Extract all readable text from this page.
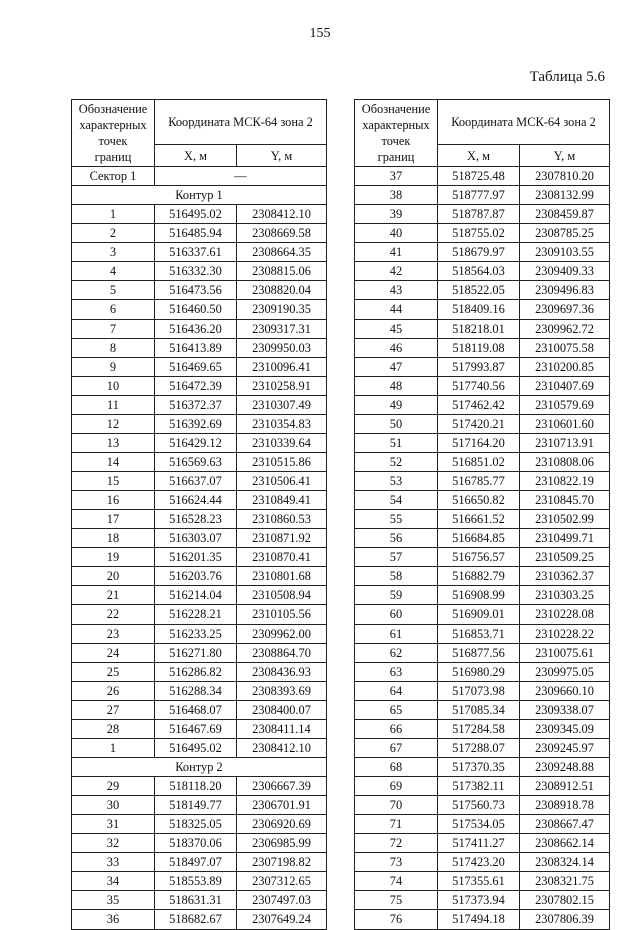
155
Таблица 5.6
Обозначение
характерных
точек
границ	Координата МСК-64 зона 2	
	X, м	Y, м
Сектор 1	—	
Контур 1		
1	516495.02	2308412.10
2	516485.94	2308669.58
3	516337.61	2308664.35
4	516332.30	2308815.06
5	516473.56	2308820.04
6	516460.50	2309190.35
7	516436.20	2309317.31
8	516413.89	2309950.03
9	516469.65	2310096.41
10	516472.39	2310258.91
11	516372.37	2310307.49
12	516392.69	2310354.83
13	516429.12	2310339.64
14	516569.63	2310515.86
15	516637.07	2310506.41
16	516624.44	2310849.41
17	516528.23	2310860.53
18	516303.07	2310871.92
19	516201.35	2310870.41
20	516203.76	2310801.68
21	516214.04	2310508.94
22	516228.21	2310105.56
23	516233.25	2309962.00
24	516271.80	2308864.70
25	516286.82	2308436.93
26	516288.34	2308393.69
27	516468.07	2308400.07
28	516467.69	2308411.14
1	516495.02	2308412.10
Контур 2		
29	518118.20	2306667.39
30	518149.77	2306701.91
31	518325.05	2306920.69
32	518370.06	2306985.99
33	518497.07	2307198.82
34	518553.89	2307312.65
35	518631.31	2307497.03
36	518682.67	2307649.24
Обозначение
характерных
точек
границ	Координата МСК-64 зона 2	
	X, м	Y, м
37	518725.48	2307810.20
38	518777.97	2308132.99
39	518787.87	2308459.87
40	518755.02	2308785.25
41	518679.97	2309103.55
42	518564.03	2309409.33
43	518522.05	2309496.83
44	518409.16	2309697.36
45	518218.01	2309962.72
46	518119.08	2310075.58
47	517993.87	2310200.85
48	517740.56	2310407.69
49	517462.42	2310579.69
50	517420.21	2310601.60
51	517164.20	2310713.91
52	516851.02	2310808.06
53	516785.77	2310822.19
54	516650.82	2310845.70
55	516661.52	2310502.99
56	516684.85	2310499.71
57	516756.57	2310509.25
58	516882.79	2310362.37
59	516908.99	2310303.25
60	516909.01	2310228.08
61	516853.71	2310228.22
62	516877.56	2310075.61
63	516980.29	2309975.05
64	517073.98	2309660.10
65	517085.34	2309338.07
66	517284.58	2309345.09
67	517288.07	2309245.97
68	517370.35	2309248.88
69	517382.11	2308912.51
70	517560.73	2308918.78
71	517534.05	2308667.47
72	517411.27	2308662.14
73	517423.20	2308324.14
74	517355.61	2308321.75
75	517373.94	2307802.15
76	517494.18	2307806.39
